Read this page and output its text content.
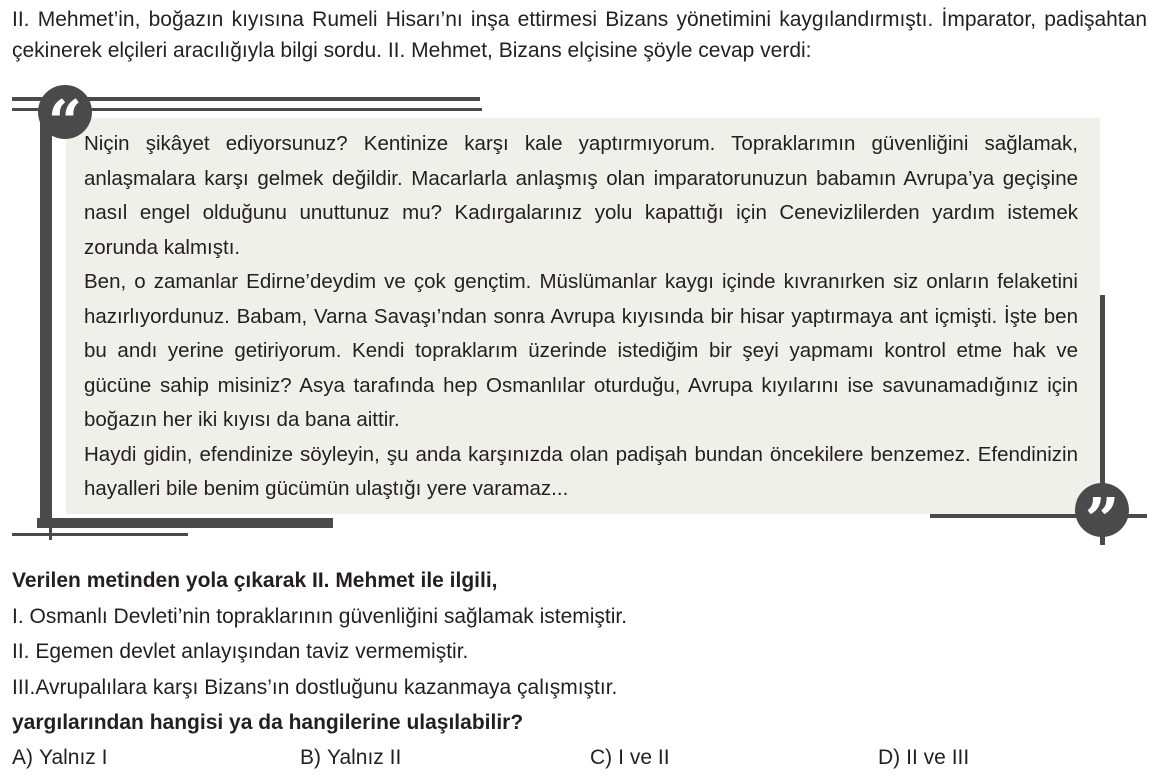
II. Mehmet’in, boğazın kıyısına Rumeli Hisarı’nı inşa ettirmesi Bizans yönetimini kaygılandırmıştı. İmparator, padişahtan çekinerek elçileri aracılığıyla bilgi sordu. II. Mehmet, Bizans elçisine şöyle cevap verdi:
“
”

Niçin şikâyet ediyorsunuz? Kentinize karşı kale yaptırmıyorum. Topraklarımın güvenliğini sağlamak, anlaşmalara karşı gelmek değildir. Macarlarla anlaşmış olan imparatorunuzun babamın Avrupa’ya geçişine nasıl engel olduğunu unuttunuz mu? Kadırgalarınız yolu kapattığı için Cenevizlilerden yardım istemek zorunda kalmıştı.

Ben, o zamanlar Edirne’deydim ve çok gençtim. Müslümanlar kaygı içinde kıvranırken siz onların felaketini hazırlıyordunuz. Babam, Varna Savaşı’ndan sonra Avrupa kıyısında bir hisar yaptırmaya ant içmişti. İşte ben bu andı yerine getiriyorum. Kendi topraklarım üzerinde istediğim bir şeyi yapmamı kontrol etme hak ve gücüne sahip misiniz? Asya tarafında hep Osmanlılar oturduğu, Avrupa kıyılarını ise savunamadığınız için boğazın her iki kıyısı da bana aittir.

Haydi gidin, efendinize söyleyin, şu anda karşınızda olan padişah bundan öncekilere benzemez. Efendinizin hayalleri bile benim gücümün ulaştığı yere varamaz...

Verilen metinden yola çıkarak II. Mehmet ile ilgili,
I. Osmanlı Devleti’nin topraklarının güvenliğini sağlamak istemiştir.
II. Egemen devlet anlayışından taviz vermemiştir.
III.Avrupalılara karşı Bizans’ın dostluğunu kazanmaya çalışmıştır.
yargılarından hangisi ya da hangilerine ulaşılabilir?
A) Yalnız I	B) Yalnız II	C) I ve II	D) II ve III
